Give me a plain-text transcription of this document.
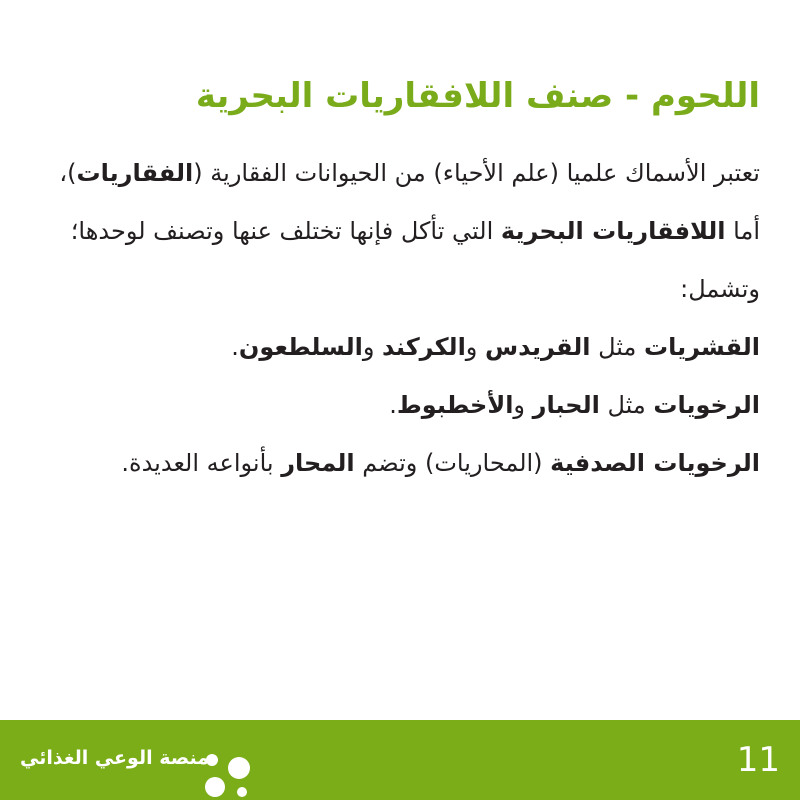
اللحوم - صنف اللافقاريات البحرية

تعتبر الأسماك علميا (علم الأحياء) من الحيوانات الفقارية (الفقاريات)، أما اللافقاريات البحرية التي تأكل فإنها تختلف عنها وتصنف لوحدها؛ وتشمل:

القشريات مثل القريدس والكركند والسلطعون.
الرخويات مثل الحبار والأخطبوط.
الرخويات الصدفية (المحاريات) وتضم المحار بأنواعه العديدة.
11
منصة الوعي الغذائي
